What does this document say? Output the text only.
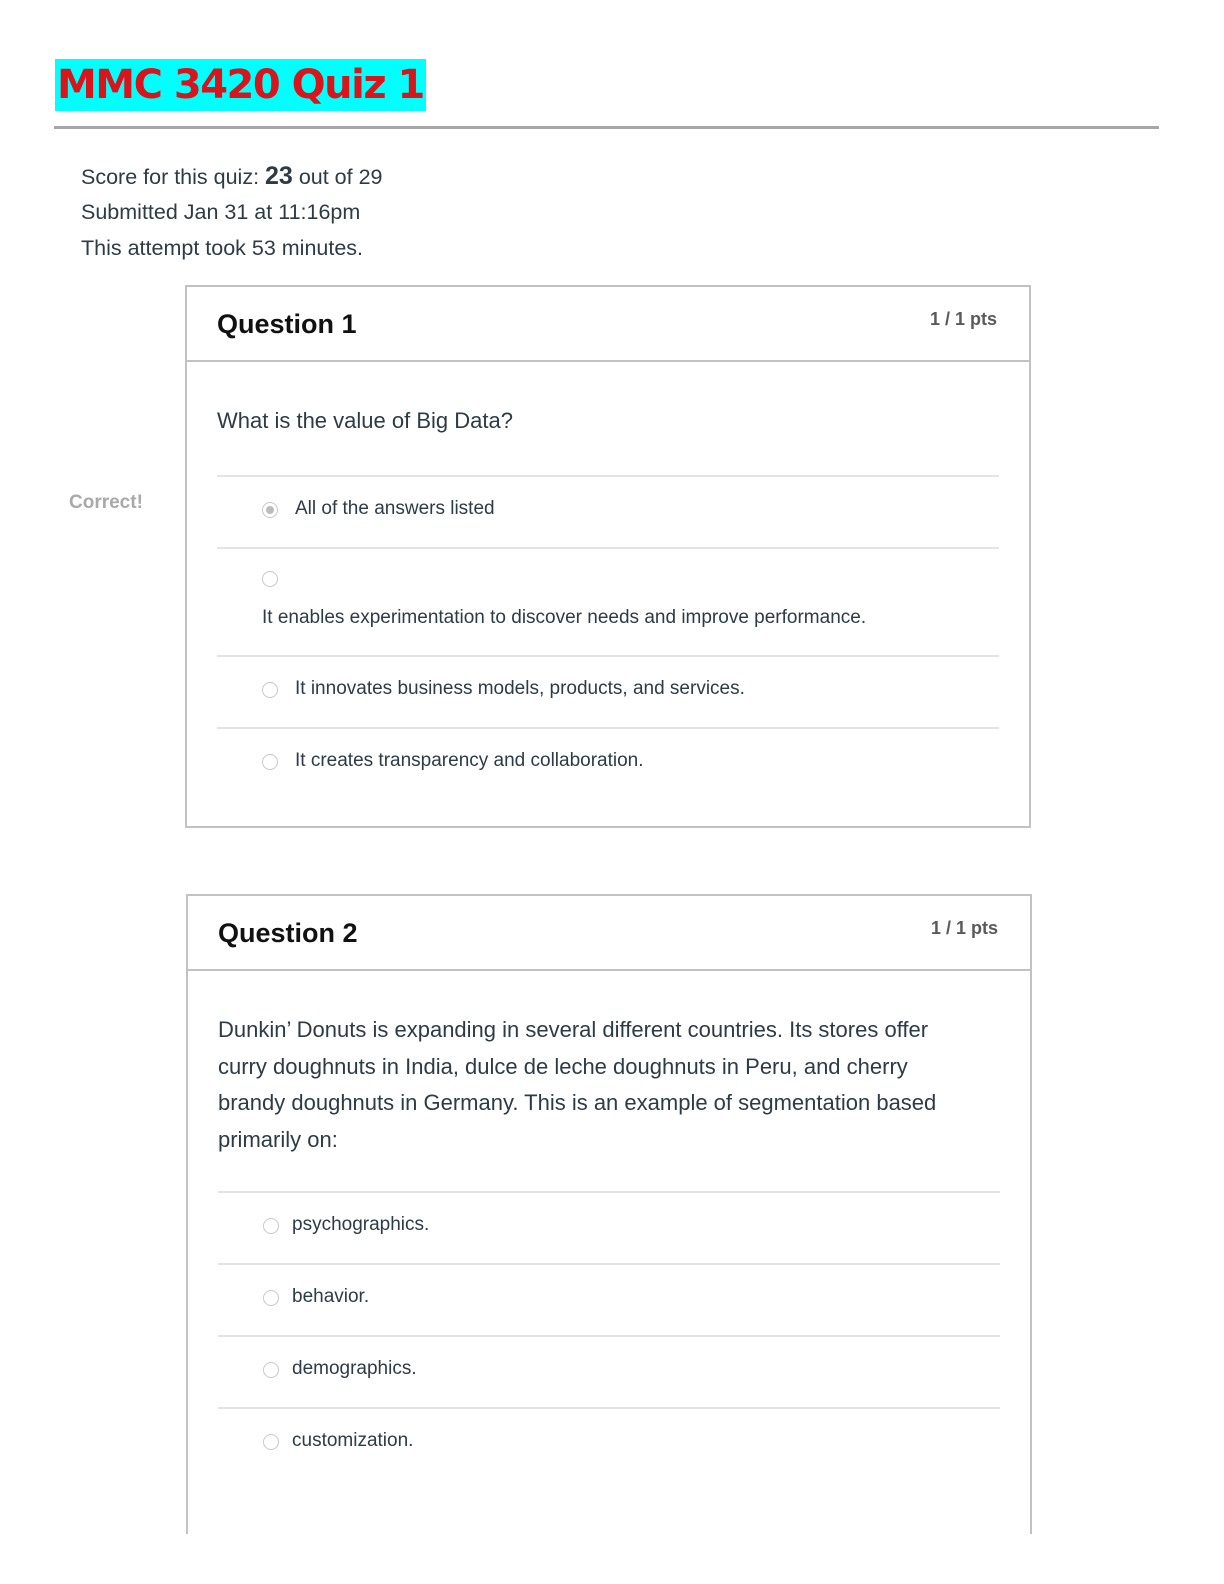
MMC 3420 Quiz 1
Score for this quiz: 23 out of 29
Submitted Jan 31 at 11:16pm
This attempt took 53 minutes.
Correct!
Question 1	1 / 1 pts
What is the value of Big Data?
All of the answers listed
It enables experimentation to discover needs and improve performance.
It innovates business models, products, and services.
It creates transparency and collaboration.
Question 2	1 / 1 pts
Dunkin’ Donuts is expanding in several different countries. Its stores offer
curry doughnuts in India, dulce de leche doughnuts in Peru, and cherry
brandy doughnuts in Germany. This is an example of segmentation based
primarily on:
psychographics.
behavior.
demographics.
customization.
